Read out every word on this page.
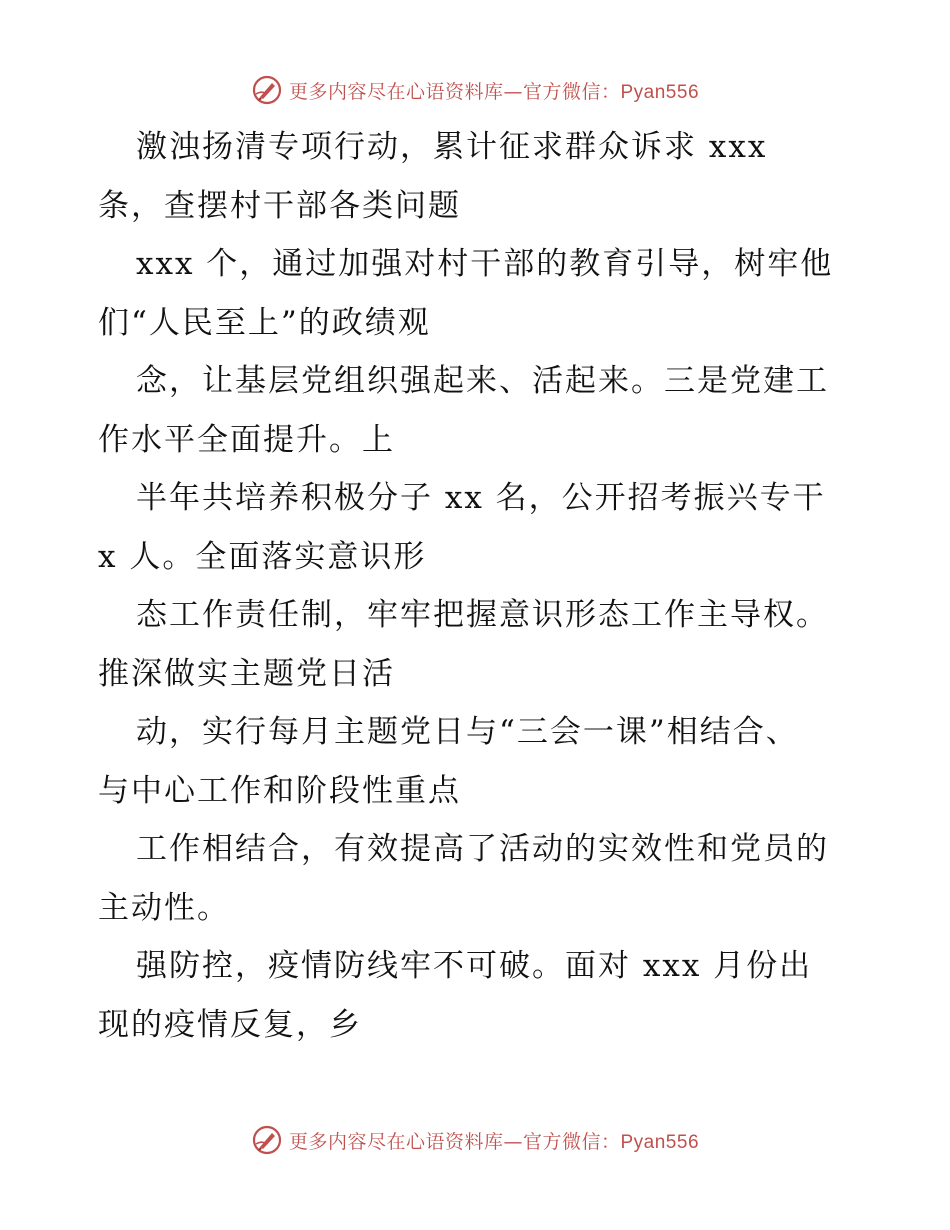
更多内容尽在心语资料库—官方微信：Pyan556
激浊扬清专项行动，累计征求群众诉求 xxx
条，查摆村干部各类问题
xxx 个，通过加强对村干部的教育引导，树牢他
们“人民至上”的政绩观
念，让基层党组织强起来、活起来。三是党建工
作水平全面提升。上
半年共培养积极分子 xx 名，公开招考振兴专干
x 人。全面落实意识形
态工作责任制，牢牢把握意识形态工作主导权。
推深做实主题党日活
动，实行每月主题党日与“三会一课”相结合、
与中心工作和阶段性重点
工作相结合，有效提高了活动的实效性和党员的
主动性。
强防控，疫情防线牢不可破。面对 xxx 月份出
现的疫情反复，乡
更多内容尽在心语资料库—官方微信：Pyan556
